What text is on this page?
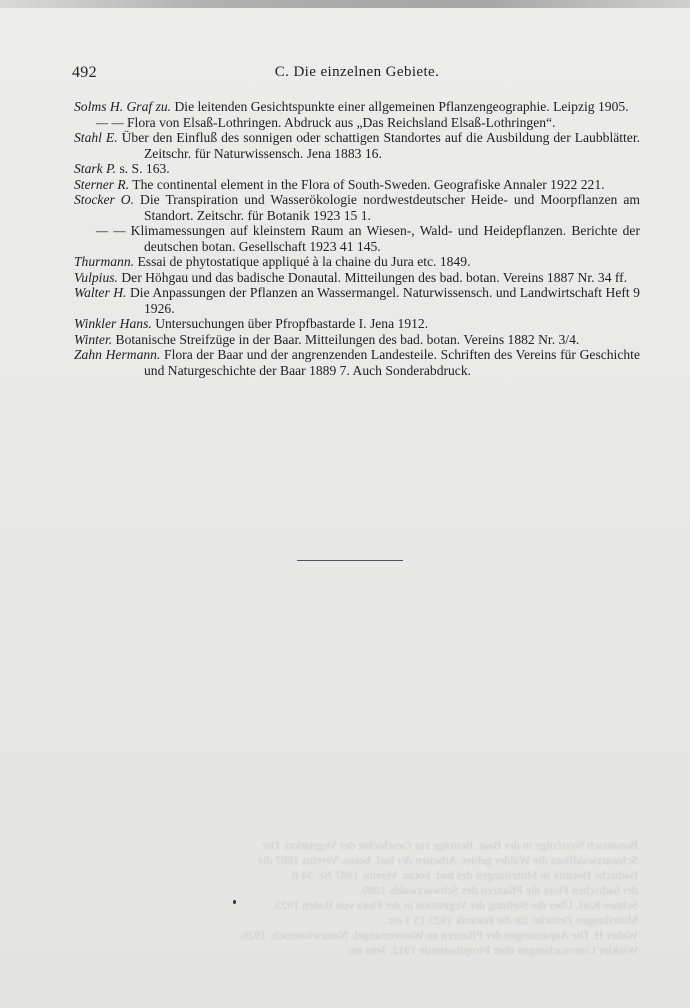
492	C. Die einzelnen Gebiete.

Solms H. Graf zu. Die leitenden Gesichtspunkte einer allgemeinen Pflanzengeographie. Leipzig 1905.

— — Flora von Elsaß-Lothringen. Abdruck aus „Das Reichsland Elsaß-Lothringen“.

Stahl E. Über den Einfluß des sonnigen oder schattigen Standortes auf die Ausbildung der Laubblätter. Zeitschr. für Naturwissensch. Jena 1883 16.

Stark P. s. S. 163.

Sterner R. The continental element in the Flora of South-Sweden. Geografiske Annaler 1922 221.

Stocker O. Die Transpiration und Wasserökologie nordwestdeutscher Heide- und Moorpflanzen am Standort. Zeitschr. für Botanik 1923 15 1.

— — Klimamessungen auf kleinstem Raum an Wiesen-, Wald- und Heidepflanzen. Berichte der deutschen botan. Gesellschaft 1923 41 145.

Thurmann. Essai de phytostatique appliqué à la chaine du Jura etc. 1849.

Vulpius. Der Höhgau und das badische Donautal. Mitteilungen des bad. botan. Vereins 1887 Nr. 34 ff.

Walter H. Die Anpassungen der Pflanzen an Wassermangel. Naturwissensch. und Landwirtschaft Heft 9 1926.

Winkler Hans. Untersuchungen über Pfropfbastarde I. Jena 1912.

Winter. Botanische Streifzüge in der Baar. Mitteilungen des bad. botan. Vereins 1882 Nr. 3/4.

Zahn Hermann. Flora der Baar und der angrenzenden Landesteile. Schriften des Vereins für Geschichte und Naturgeschichte der Baar 1889 7. Auch Sonderabdruck.

Bonanisch Streifzüge in der Baar. Beiträge zur Geschichte der Vegetation. Die
Schwarzwaldflora die Wälder gebiet. Arbeiten der bad. botan. Vereins 1887 die
Badische Botanik in Mitteilungen des bad. botan. Vereins 1887 Nr. 34 ff.
der badischen Flora die Pflanzen des Schwarzwalds 1889.
Schnee Karl. Über die Stellung der Vegetation in der Flora von Baden 1923.
Mitteilungen Zeitschr. für die Botanik 1923 15 1 etc.
Walter H. Die Anpassungen der Pflanzen an Wassermangel. Naturwissensch. 1926.
Winkler Untersuchungen über Pfropfbastarde 1912. Jena etc.
